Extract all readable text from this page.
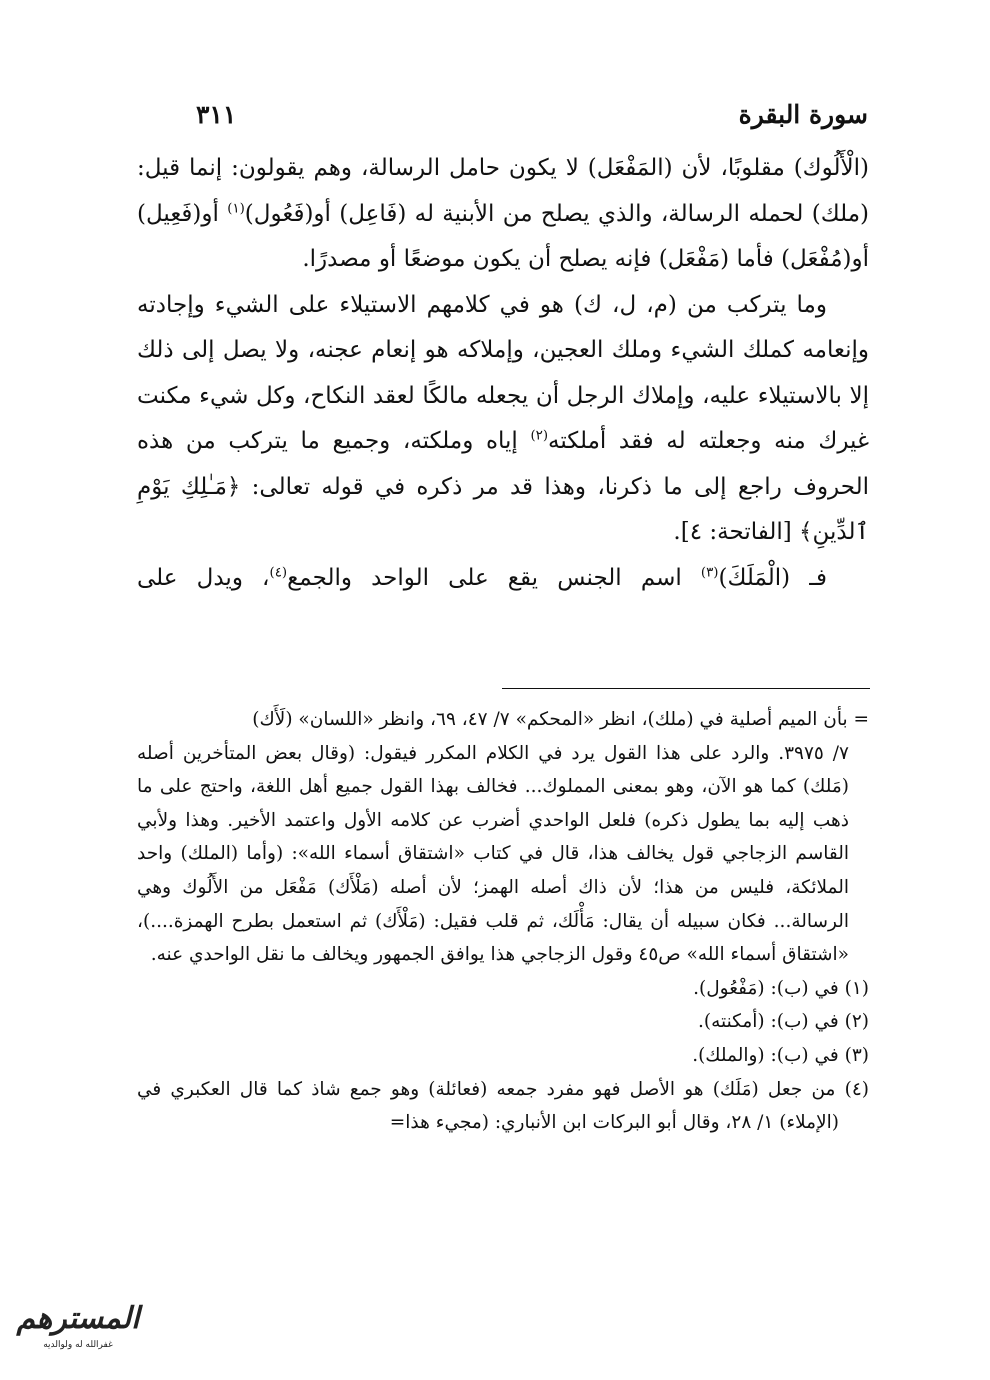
سورة البقرة
٣١١

(الْأَلُوك) مقلوبًا، لأن (المَفْعَل) لا يكون حامل الرسالة، وهم يقولون: إنما قيل: (ملك) لحمله الرسالة، والذي يصلح من الأبنية له (فَاعِل) أو(فَعُول)$^{(١)}$ أو(فَعِيل) أو(مُفْعَل) فأما (مَفْعَل) فإنه يصلح أن يكون موضعًا أو مصدرًا.

وما يتركب من (م، ل، ك) هو في كلامهم الاستيلاء على الشيء وإجادته وإنعامه كملك الشيء وملك العجين، وإملاكه هو إنعام عجنه، ولا يصل إلى ذلك إلا بالاستيلاء عليه، وإملاك الرجل أن يجعله مالكًا لعقد النكاح، وكل شيء مكنت غيرك منه وجعلته له فقد أملكته$^{(٢)}$ إياه وملكته، وجميع ما يتركب من هذه الحروف راجع إلى ما ذكرنا، وهذا قد مر ذكره في قوله تعالى: ﴿مَـٰلِكِ يَوْمِ ٱلدِّينِ﴾ [الفاتحة: ٤].

فـ (الْمَلَكَ)$^{(٣)}$ اسم الجنس يقع على الواحد والجمع$^{(٤)}$، ويدل على

= بأن الميم أصلية في (ملك)، انظر «المحكم» ٧/ ٤٧، ٦٩، وانظر «اللسان» (لَأَك)

٧/ ٣٩٧٥. والرد على هذا القول يرد في الكلام المكرر فيقول: (وقال بعض المتأخرين أصله (مَلك) كما هو الآن، وهو بمعنى المملوك... فخالف بهذا القول جميع أهل اللغة، واحتج على ما ذهب إليه بما يطول ذكره) فلعل الواحدي أضرب عن كلامه الأول واعتمد الأخير. وهذا ولأبي القاسم الزجاجي قول يخالف هذا، قال في كتاب «اشتقاق أسماء الله»: (وأما (الملك) واحد الملائكة، فليس من هذا؛ لأن ذاك أصله الهمز؛ لأن أصله (مَلْأَك) مَفْعَل من الأَلُوك وهي الرسالة... فكان سبيله أن يقال: مَأْلَك، ثم قلب فقيل: (مَلْأَك) ثم استعمل بطرح الهمزة....)، «اشتقاق أسماء الله» ص٤٥ وقول الزجاجي هذا يوافق الجمهور ويخالف ما نقل الواحدي عنه.

(١) في (ب): (مَفْعُول).

(٢) في (ب): (أمكنته).

(٣) في (ب): (والملك).

(٤) من جعل (مَلَك) هو الأصل فهو مفرد جمعه (فعائلة) وهو جمع شاذ كما قال العكبري في (الإملاء) ١/ ٢٨، وقال أبو البركات ابن الأنباري: (مجيء هذا=

المسترهم
غفرالله له ولوالديه
